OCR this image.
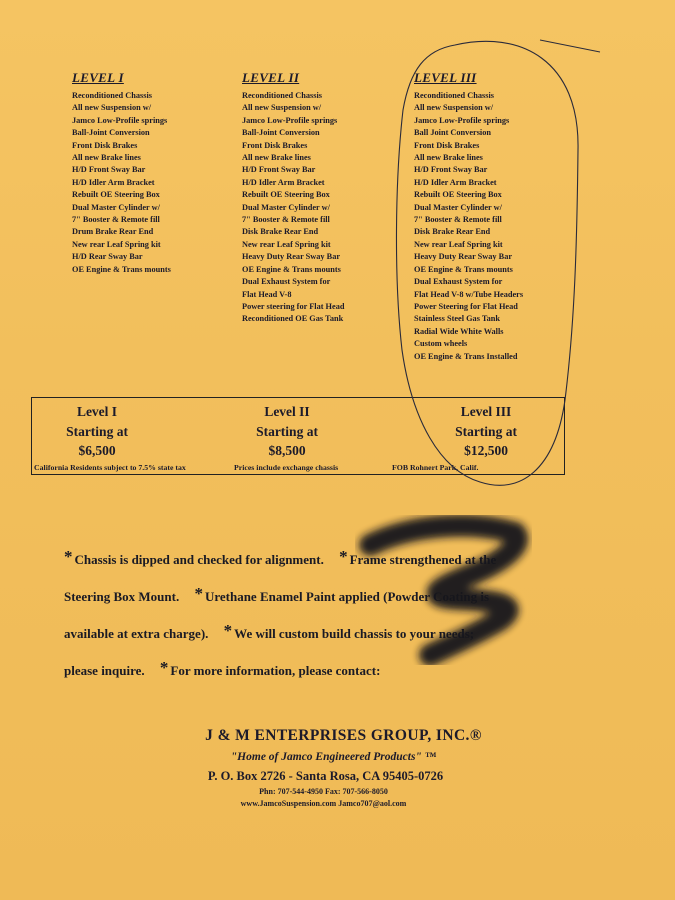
LEVEL I
Reconditioned Chassis
All new Suspension w/
Jamco Low-Profile springs
Ball-Joint Conversion
Front Disk Brakes
All new Brake lines
H/D Front Sway Bar
H/D Idler Arm Bracket
Rebuilt OE Steering Box
Dual Master Cylinder w/
7" Booster & Remote fill
Drum Brake Rear End
New rear Leaf Spring kit
H/D Rear Sway Bar
OE Engine & Trans mounts
LEVEL II
Reconditioned Chassis
All new Suspension w/
Jamco Low-Profile springs
Ball-Joint Conversion
Front Disk Brakes
All new Brake lines
H/D Front Sway Bar
H/D Idler Arm Bracket
Rebuilt OE Steering Box
Dual Master Cylinder w/
7" Booster & Remote fill
Disk Brake Rear End
New rear Leaf Spring kit
Heavy Duty Rear Sway Bar
OE Engine & Trans mounts
Dual Exhaust System for
Flat Head V-8
Power steering for Flat Head
Reconditioned OE Gas Tank
LEVEL III
Reconditioned Chassis
All new Suspension w/
Jamco Low-Profile springs
Ball Joint Conversion
Front Disk Brakes
All new Brake lines
H/D Front Sway Bar
H/D Idler Arm Bracket
Rebuilt OE Steering Box
Dual Master Cylinder w/
7" Booster & Remote fill
Disk Brake Rear End
New rear Leaf Spring kit
Heavy Duty Rear Sway Bar
OE Engine & Trans mounts
Dual Exhaust System for
Flat Head V-8 w/Tube Headers
Power Steering for Flat Head
Stainless Steel Gas Tank
Radial Wide White Walls
Custom wheels
OE Engine & Trans Installed
Level I
Starting at
$6,500
Level II
Starting at
$8,500
Level III
Starting at
$12,500
California Residents subject to 7.5% state tax	Prices include exchange chassis	FOB Rohnert Park, Calif.
* Chassis is dipped and checked for alignment. * Frame strengthened at the
Steering Box Mount. * Urethane Enamel Paint applied (Powder Coating is
available at extra charge). * We will custom build chassis to your needs;
please inquire. * For more information, please contact:
J & M ENTERPRISES GROUP, INC.®
"Home of Jamco Engineered Products" ™
P. O. Box 2726 - Santa Rosa, CA 95405-0726
Phn: 707-544-4950 Fax: 707-566-8050
www.JamcoSuspension.com Jamco707@aol.com
